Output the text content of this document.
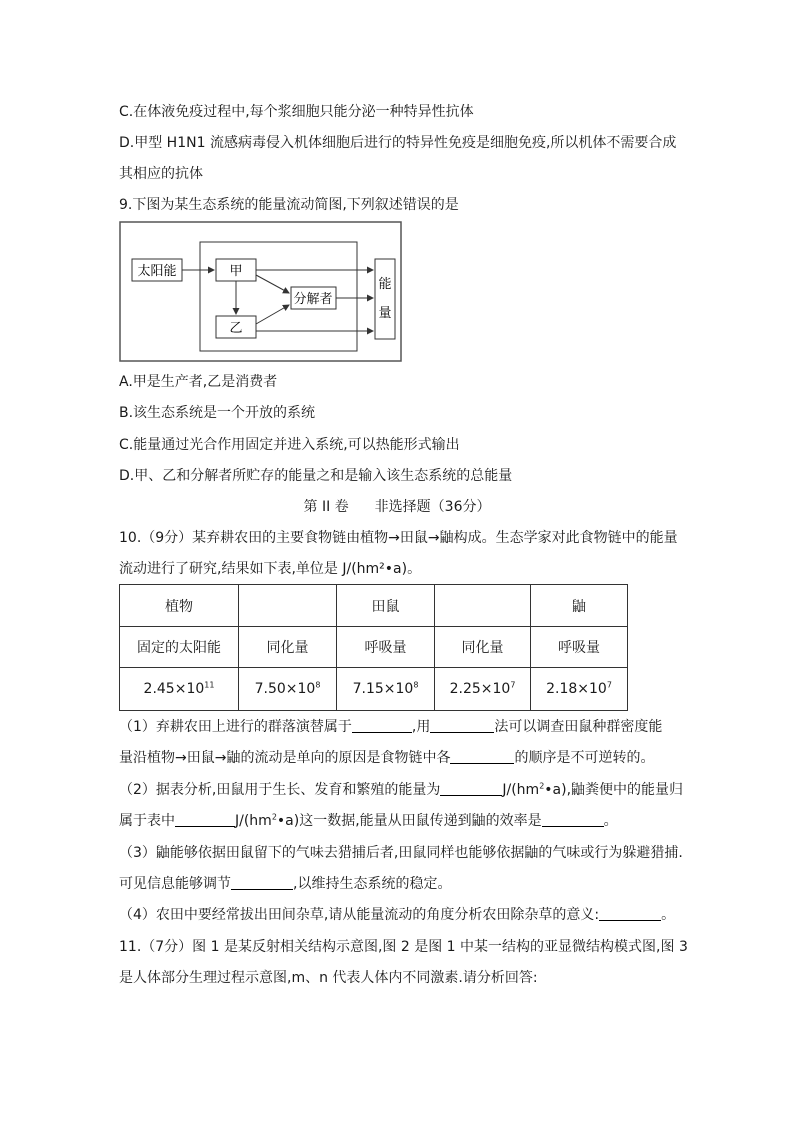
C.在体液免疫过程中,每个浆细胞只能分泌一种特异性抗体
D.甲型 H1N1 流感病毒侵入机体细胞后进行的特异性免疫是细胞免疫,所以机体不需要合成
其相应的抗体
9.下图为某生态系统的能量流动简图,下列叙述错误的是
太阳能	甲
乙
分解者
能
量
A.甲是生产者,乙是消费者
B.该生态系统是一个开放的系统
C.能量通过光合作用固定并进入系统,可以热能形式输出
D.甲、乙和分解者所贮存的能量之和是输入该生态系统的总能量
第 II 卷 非选择题（36分）
10.（9分）某弃耕农田的主要食物链由植物→田鼠→鼬构成。生态学家对此食物链中的能量
流动进行了研究,结果如下表,单位是 J/(hm²•a)。
植物		田鼠		鼬
固定的太阳能	同化量	呼吸量	同化量	呼吸量
$2.45\times 10^{11}$	$7.50\times 10^8$	$7.15\times 10^8$	$2.25\times 10^7$	$2.18\times 10^7$
（1）弃耕农田上进行的群落演替属于	,用	法可以调查田鼠种群密度能
量沿植物→田鼠→鼬的流动是单向的原因是食物链中各	的顺序是不可逆转的。
（2）据表分析,田鼠用于生长、发育和繁殖的能量为	$J/(hm^2•a)$,鼬粪便中的能量归
属于表中	$J/(hm^2•a)$这一数据,能量从田鼠传递到鼬的效率是	。
（3）鼬能够依据田鼠留下的气味去猎捕后者,田鼠同样也能够依据鼬的气味或行为躲避猎捕.
可见信息能够调节	,以维持生态系统的稳定。
（4）农田中要经常拔出田间杂草,请从能量流动的角度分析农田除杂草的意义:	。
11.（7分）图 1 是某反射相关结构示意图,图 2 是图 1 中某一结构的亚显微结构模式图,图 3
是人体部分生理过程示意图,m、n 代表人体内不同激素.请分析回答:
